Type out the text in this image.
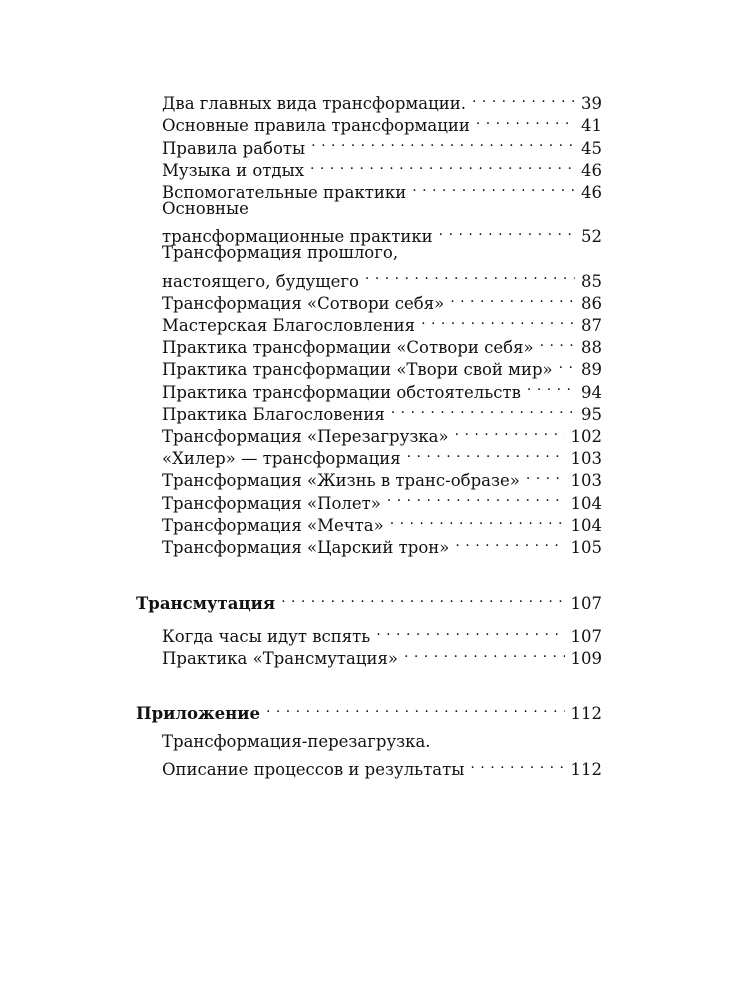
Два главных вида трансформации. . . .	39
Основные правила трансформации . . .	41
Правила работы . . .	45
Музыка и отдых . . .	46
Вспомогательные практики . . .	46
Основные
трансформационные практики . . .	52
Трансформация прошлого,
настоящего, будущего . . .	85
Трансформация «Сотвори себя» . . .	86
Мастерская Благословления . . .	87
Практика трансформации «Сотвори себя» . . .	88
Практика трансформации «Твори свой мир» . . . 89
Практика трансформации обстоятельств . . .	94
Практика Благословения . . .	95
Трансформация «Перезагрузка» . . .	102
«Хилер» — трансформация . . .	103
Трансформация «Жизнь в транс-образе» . . .	103
Трансформация «Полет» . . .	104
Трансформация «Мечта» . . .	104
Трансформация «Царский трон» . . .	105
Трансмутация . . .	107
Когда часы идут вспять . . .	107
Практика «Трансмутация» . . .	109
Приложение . . .	112
Трансформация-перезагрузка.
Описание процессов и результаты . . .	112
